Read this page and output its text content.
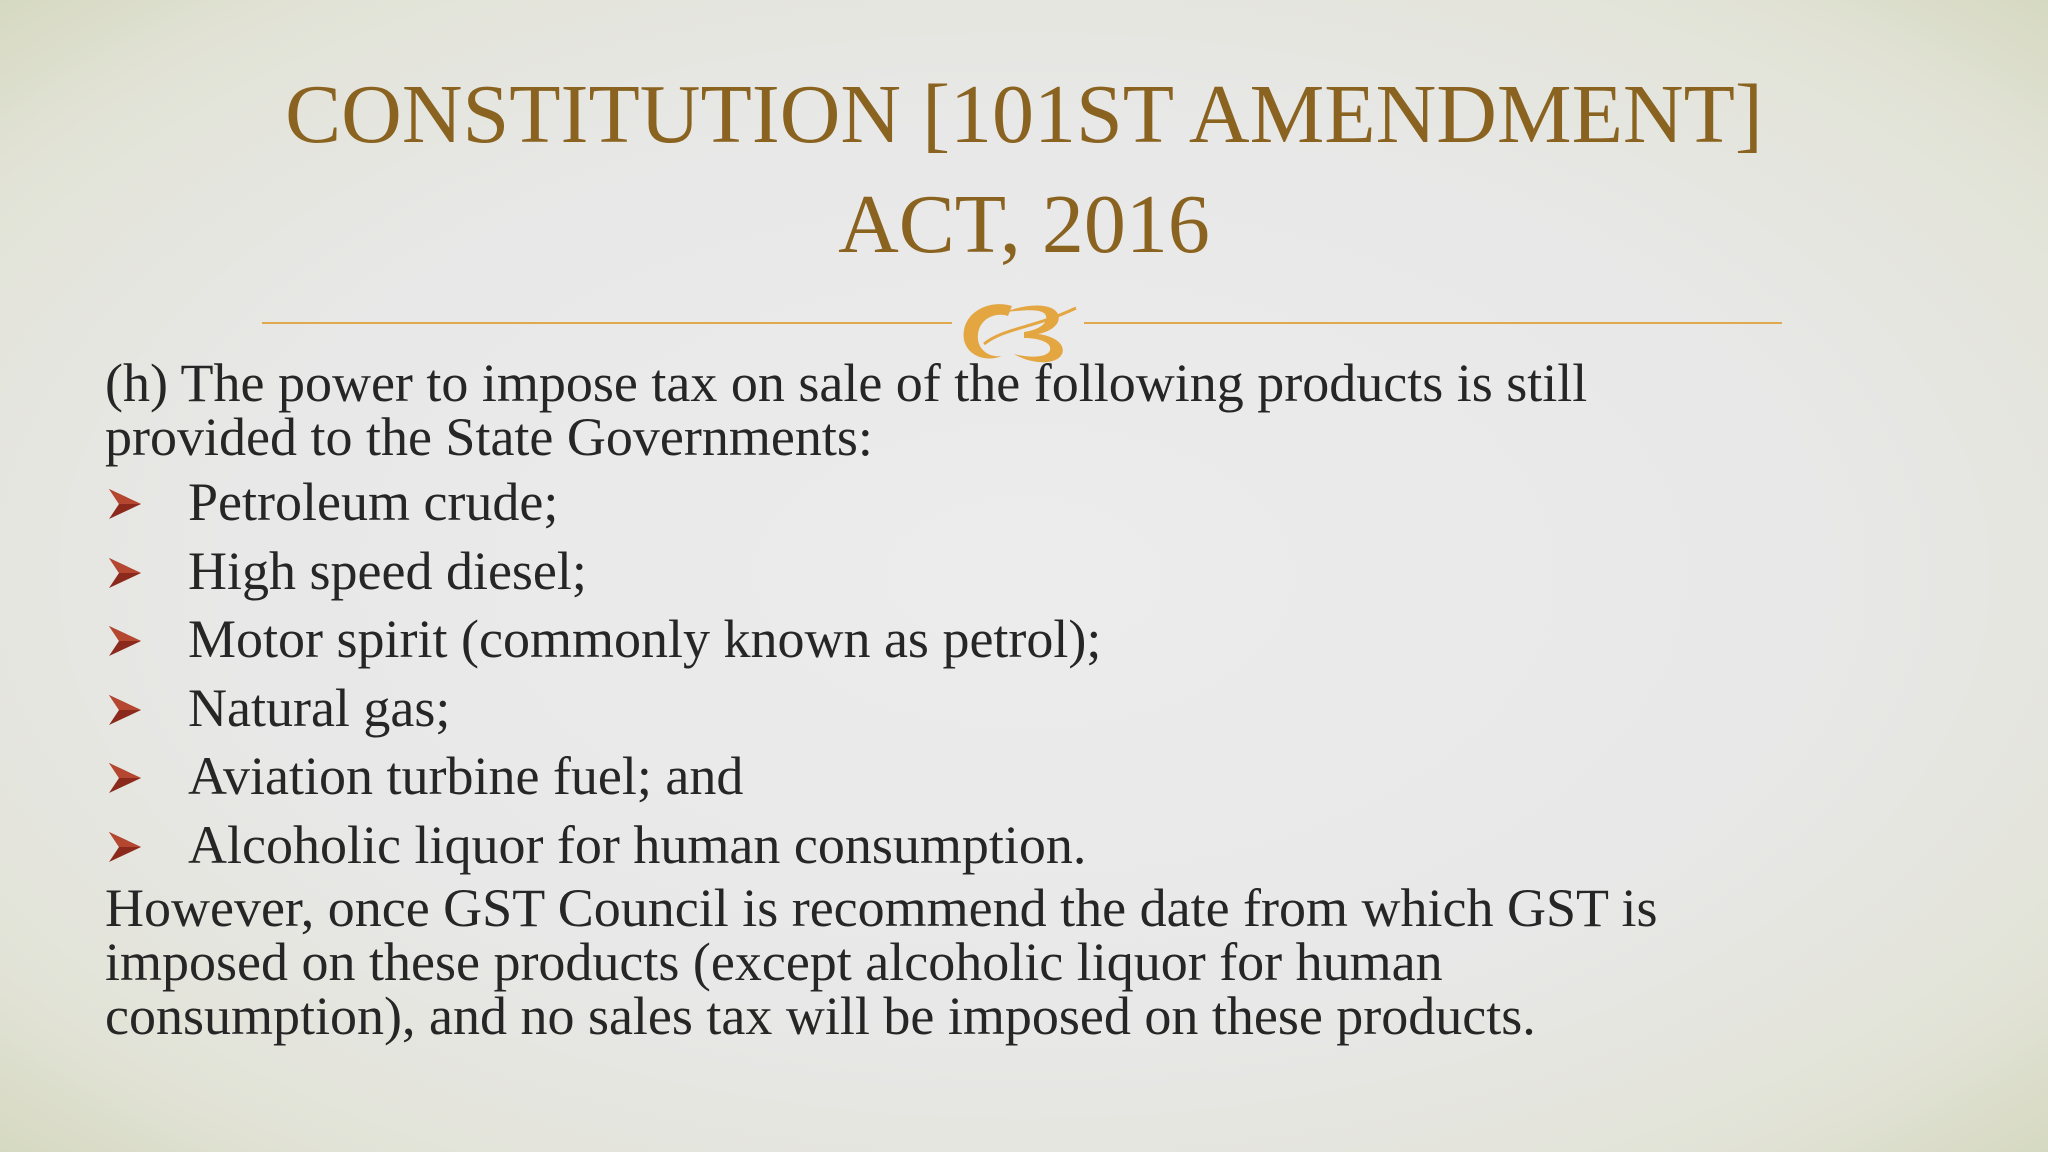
CONSTITUTION [101ST AMENDMENT]
ACT, 2016

(h) The power to impose tax on sale of the following products is still
provided to the State Governments:

Petroleum crude;
High speed diesel;
Motor spirit (commonly known as petrol);
Natural gas;
Aviation turbine fuel; and
Alcoholic liquor for human consumption.

However, once GST Council is recommend the date from which GST is
imposed on these products (except alcoholic liquor for human
consumption), and no sales tax will be imposed on these products.
